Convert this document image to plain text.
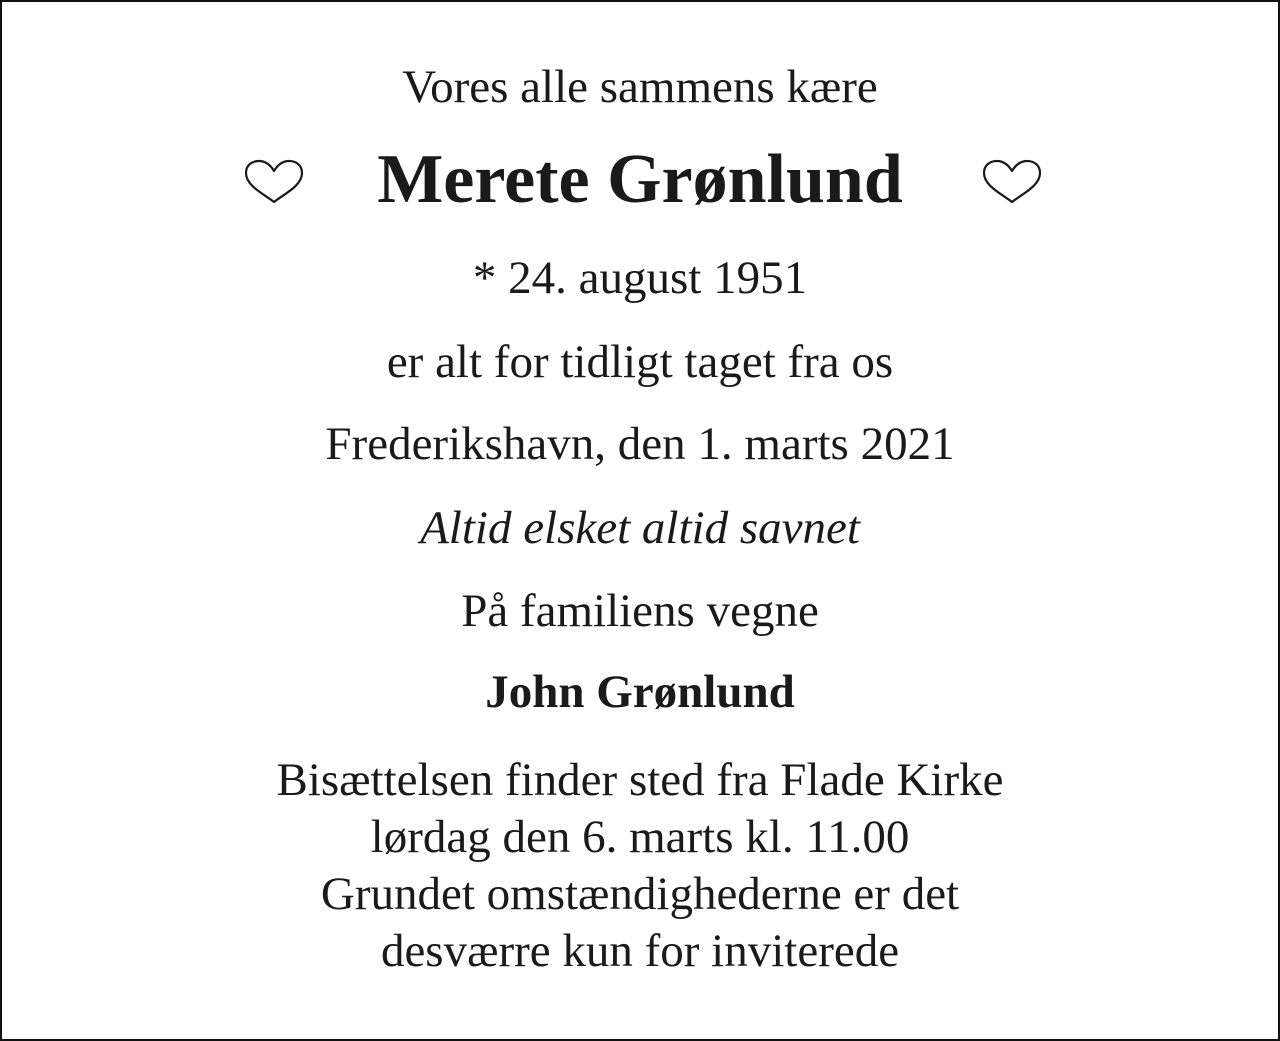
Vores alle sammens kære
Merete Grønlund
* 24. august 1951
er alt for tidligt taget fra os
Frederikshavn, den 1. marts 2021
Altid elsket altid savnet
På familiens vegne
John Grønlund
Bisættelsen finder sted fra Flade Kirke
lørdag den 6. marts kl. 11.00
Grundet omstændighederne er det
desværre kun for inviterede
